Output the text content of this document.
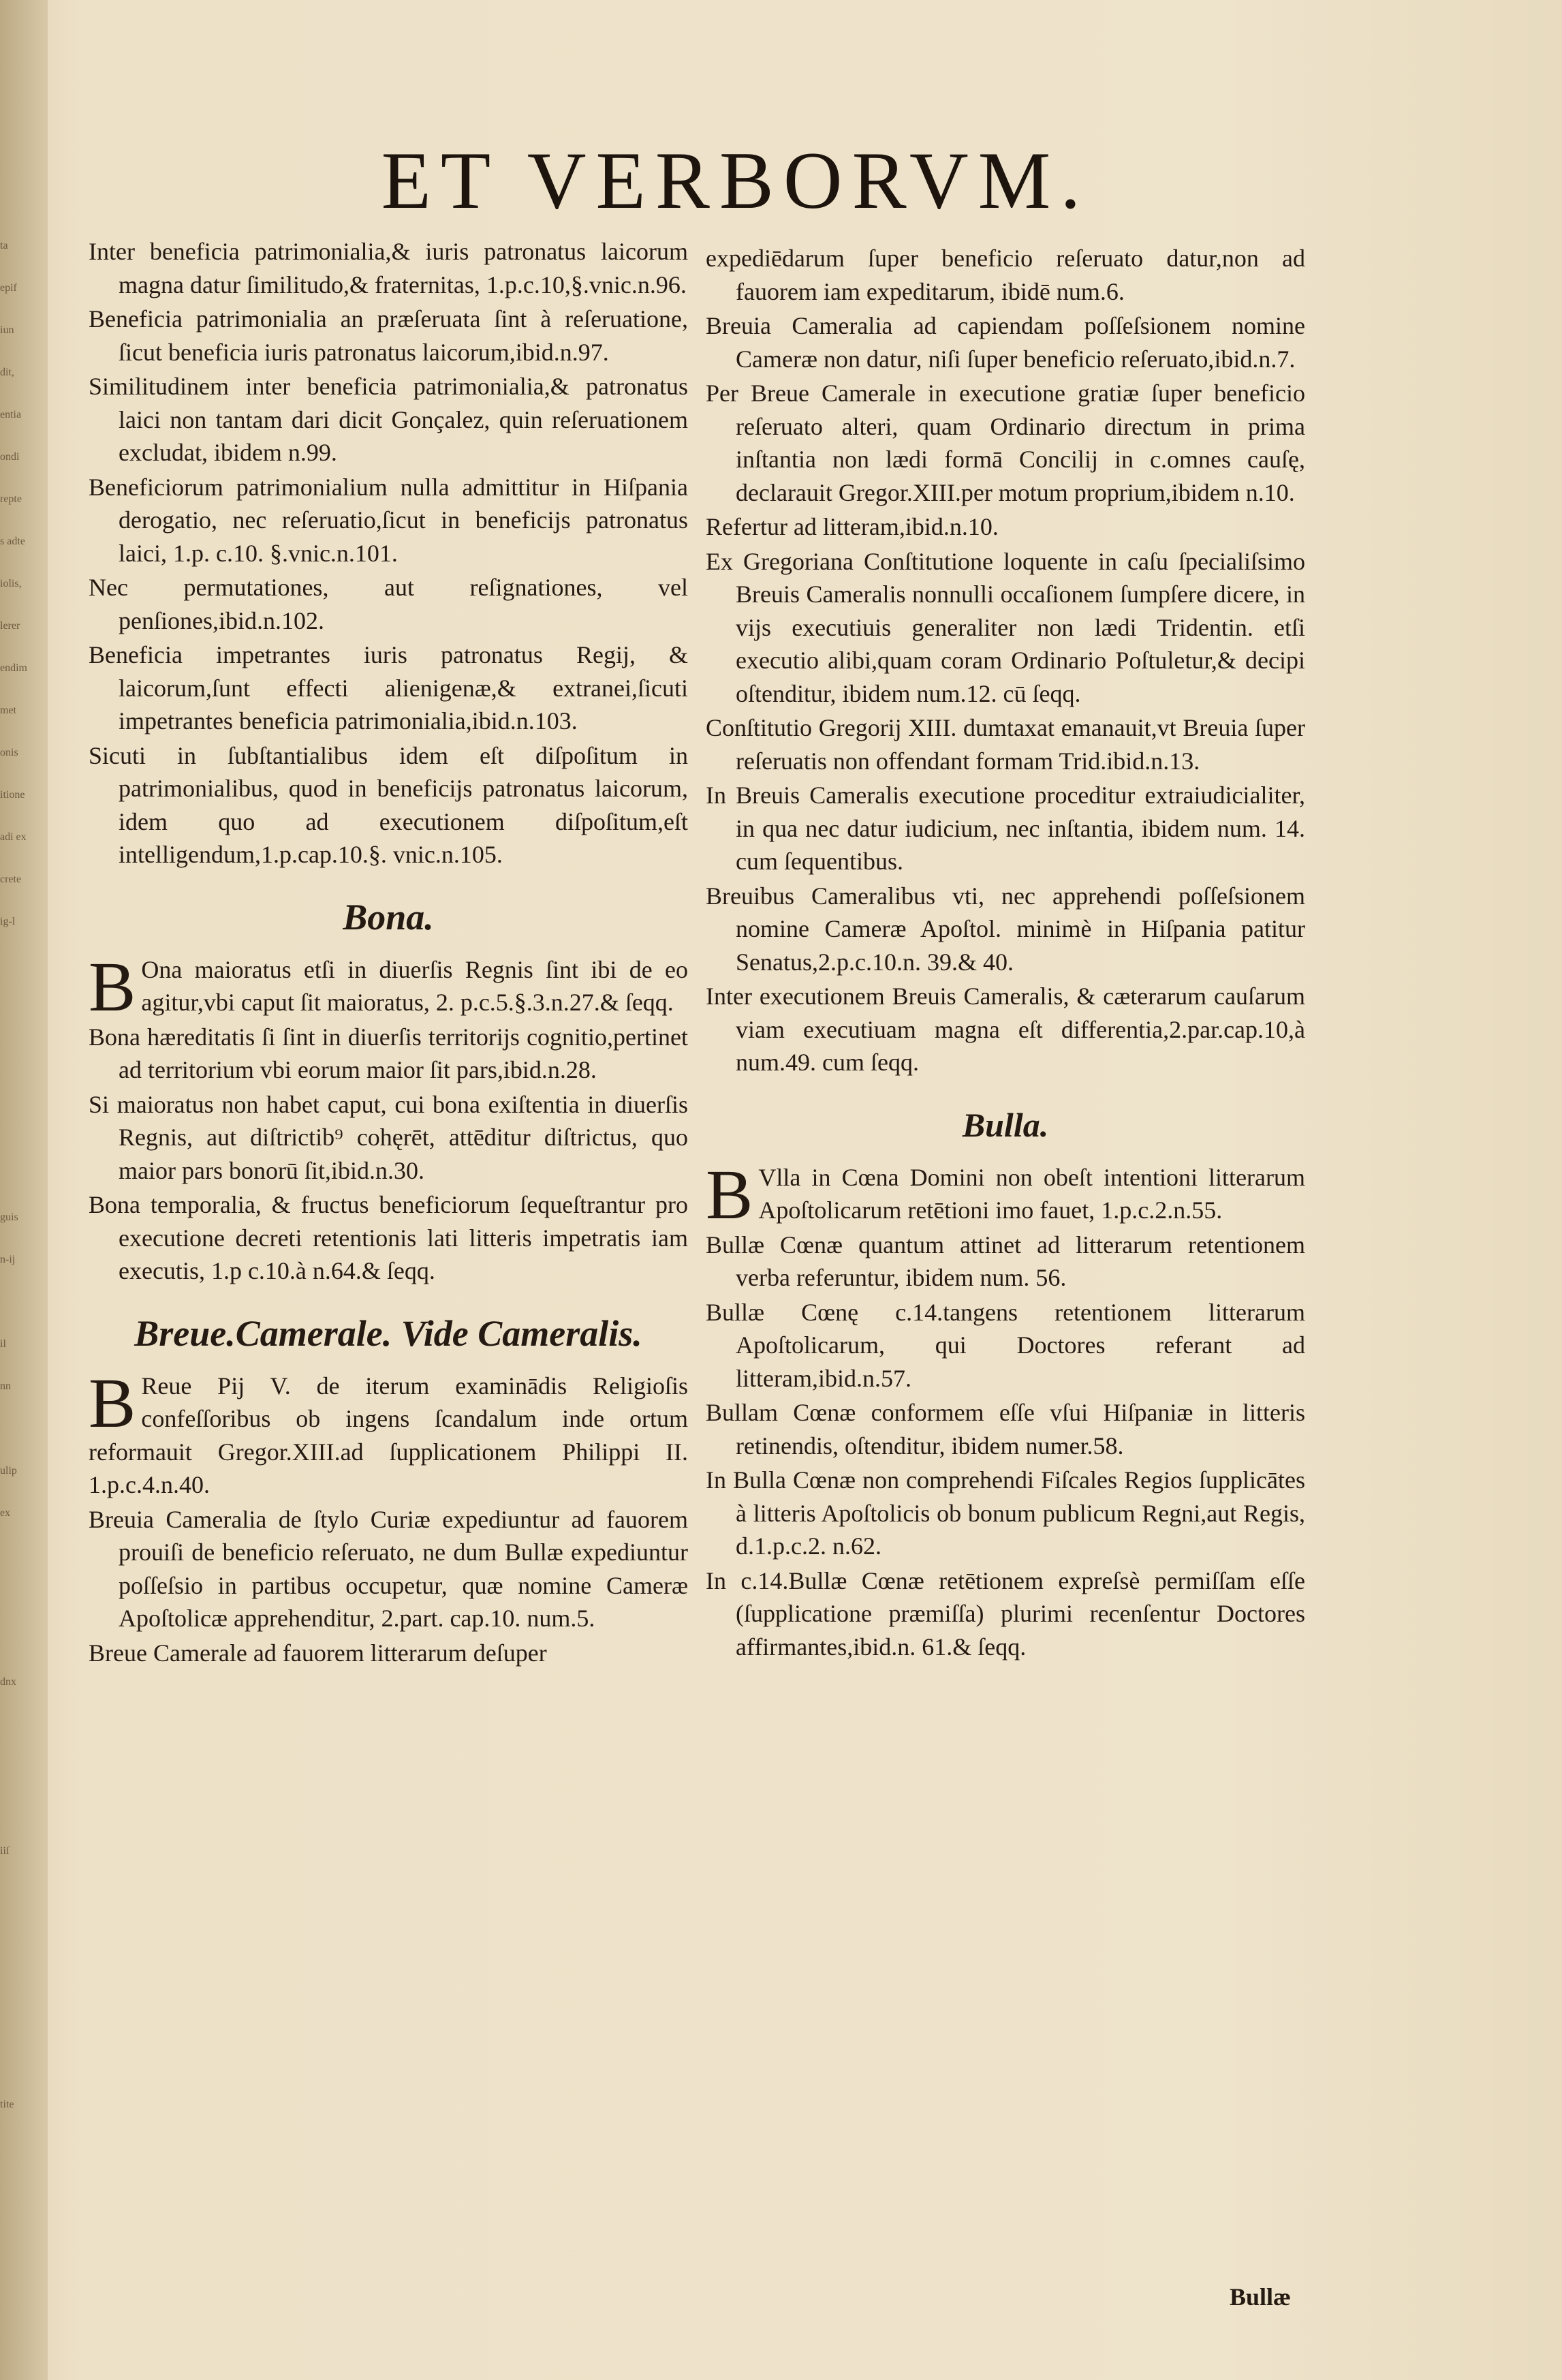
ta
epif
iun
dit,
entia
ondi
repte
s adte
iolis,
lerer
endim
met
onis
itione
adi ex
crete
ig-l
guis
n-ij
il
nn
ulip
ex
dnx
iiſ
tite
ET VERBORVM.

Inter beneficia patrimonialia,& iuris patronatus laicorum magna datur ſimilitudo,& fraternitas, 1.p.c.10,§.vnic.n.96.

Beneficia patrimonialia an præſeruata ſint à reſeruatione, ſicut beneficia iuris patronatus laicorum,ibid.n.97.

Similitudinem inter beneficia patrimonialia,& patronatus laici non tantam dari dicit Gonçalez, quin reſeruationem excludat, ibidem n.99.

Beneficiorum patrimonialium nulla admittitur in Hiſpania derogatio, nec reſeruatio,ſicut in beneficijs patronatus laici, 1.p. c.10. §.vnic.n.101.

Nec permutationes, aut reſignationes, vel penſiones,ibid.n.102.

Beneficia impetrantes iuris patronatus Regij, & laicorum,ſunt effecti alienigenæ,& extranei,ſicuti impetrantes beneficia patrimonialia,ibid.n.103.

Sicuti in ſubſtantialibus idem eſt diſpoſitum in patrimonialibus, quod in beneficijs patronatus laicorum, idem quo ad executionem diſpoſitum,eſt intelligendum,1.p.cap.10.§. vnic.n.105.

Bona.

B Ona maioratus etſi in diuerſis Regnis ſint ibi de eo agitur,vbi caput ſit maioratus, 2. p.c.5.§.3.n.27.& ſeqq.

Bona hæreditatis ſi ſint in diuerſis territorijs cognitio,pertinet ad territorium vbi eorum maior ſit pars,ibid.n.28.

Si maioratus non habet caput, cui bona exiſtentia in diuerſis Regnis, aut diſtrictib⁹ cohęrēt, attēditur diſtrictus, quo maior pars bonorū ſit,ibid.n.30.

Bona temporalia, & fructus beneficiorum ſequeſtrantur pro executione decreti retentionis lati litteris impetratis iam executis, 1.p c.10.à n.64.& ſeqq.

Breue.Camerale. Vide Cameralis.

B Reue Pij V. de iterum examinādis Religioſis confeſſoribus ob ingens ſcandalum inde ortum reformauit Gregor.XIII.ad ſupplicationem Philippi II. 1.p.c.4.n.40.

Breuia Cameralia de ſtylo Curiæ expediuntur ad fauorem prouiſi de beneficio reſeruato, ne dum Bullæ expediuntur poſſeſsio in partibus occupetur, quæ nomine Cameræ Apoſtolicæ apprehenditur, 2.part. cap.10. num.5.

Breue Camerale ad fauorem litterarum deſuper

expediēdarum ſuper beneficio reſeruato datur,non ad fauorem iam expeditarum, ibidē num.6.

Breuia Cameralia ad capiendam poſſeſsionem nomine Cameræ non datur, niſi ſuper beneficio reſeruato,ibid.n.7.

Per Breue Camerale in executione gratiæ ſuper beneficio reſeruato alteri, quam Ordinario directum in prima inſtantia non lædi formā Concilij in c.omnes cauſę, declarauit Gregor.XIII.per motum proprium,ibidem n.10.

Refertur ad litteram,ibid.n.10.

Ex Gregoriana Conſtitutione loquente in caſu ſpecialiſsimo Breuis Cameralis nonnulli occaſionem ſumpſere dicere, in vijs executiuis generaliter non lædi Tridentin. etſi executio alibi,quam coram Ordinario Poſtuletur,& decipi oſtenditur, ibidem num.12. cū ſeqq.

Conſtitutio Gregorij XIII. dumtaxat emanauit,vt Breuia ſuper reſeruatis non offendant formam Trid.ibid.n.13.

In Breuis Cameralis executione proceditur extraiudicialiter, in qua nec datur iudicium, nec inſtantia, ibidem num. 14. cum ſequentibus.

Breuibus Cameralibus vti, nec apprehendi poſſeſsionem nomine Cameræ Apoſtol. minimè in Hiſpania patitur Senatus,2.p.c.10.n. 39.& 40.

Inter executionem Breuis Cameralis, & cæterarum cauſarum viam executiuam magna eſt differentia,2.par.cap.10,à num.49. cum ſeqq.

Bulla.

B Vlla in Cœna Domini non obeſt intentioni litterarum Apoſtolicarum retētioni imo fauet, 1.p.c.2.n.55.

Bullæ Cœnæ quantum attinet ad litterarum retentionem verba referuntur, ibidem num. 56.

Bullæ Cœnę c.14.tangens retentionem litterarum Apoſtolicarum, qui Doctores referant ad litteram,ibid.n.57.

Bullam Cœnæ conformem eſſe vſui Hiſpaniæ in litteris retinendis, oſtenditur, ibidem numer.58.

In Bulla Cœnæ non comprehendi Fiſcales Regios ſupplicātes à litteris Apoſtolicis ob bonum publicum Regni,aut Regis, d.1.p.c.2. n.62.

In c.14.Bullæ Cœnæ retētionem expreſsè permiſſam eſſe (ſupplicatione præmiſſa) plurimi recenſentur Doctores affirmantes,ibid.n. 61.& ſeqq.

Bullæ
